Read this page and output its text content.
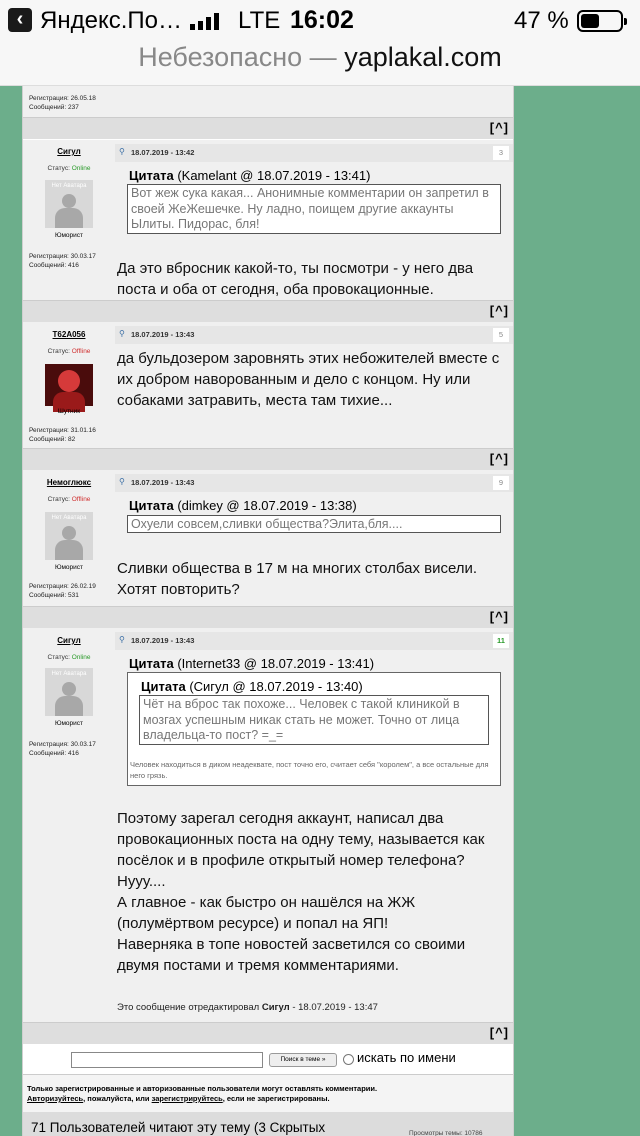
‹ Яндекс.По… LTE 16:02	47 %
Небезопасно — yaplakal.com
Регистрация: 26.05.18
Сообщений: 237
[^]
Сигул
Статус: Online
Нет Аватара
Юморист
Регистрация: 30.03.17
Сообщений: 416
⚲ 18.07.2019 - 13:42	3
Цитата (Kamelant @ 18.07.2019 - 13:41)
Вот жеж сука какая... Анонимные комментарии он запретил в своей ЖеЖешечке. Ну ладно, поищем другие аккаунты Ылиты. Пидорас, бля!
Да это вбросник какой-то, ты посмотри - у него два поста и оба от сегодня, оба провокационные.
[^]
T62A056
Статус: Offline
Шутник
Регистрация: 31.01.16
Сообщений: 82
⚲ 18.07.2019 - 13:43	5
да бульдозером заровнять этих небожителей вместе с их добром наворованным и дело с концом. Ну или собаками затравить, места там тихие...
[^]
Немоглюкс
Статус: Offline
Нет Аватара
Юморист
Регистрация: 26.02.19
Сообщений: 531
⚲ 18.07.2019 - 13:43	9
Цитата (dimkey @ 18.07.2019 - 13:38)
Охуели совсем,сливки общества?Элита,бля....
Сливки общества в 17 м на многих столбах висели. Хотят повторить?
[^]
Сигул
Статус: Online
Нет Аватара
Юморист
Регистрация: 30.03.17
Сообщений: 416
⚲ 18.07.2019 - 13:43	11
Цитата (Internet33 @ 18.07.2019 - 13:41)
Цитата (Сигул @ 18.07.2019 - 13:40)
Чёт на вброс так похоже... Человек с такой клиникой в мозгах успешным никак стать не может. Точно от лица владельца-то пост? =_=
Человек находиться в диком неадеквате, пост точно его, считает себя "королем", а все остальные для него грязь.
Поэтому зарегал сегодня аккаунт, написал два провокационных поста на одну тему, называется как посёлок и в профиле открытый номер телефона? Нууу....
А главное - как быстро он нашёлся на ЖЖ (полумёртвом ресурсе) и попал на ЯП!
Наверняка в топе новостей засветился со своими двумя постами и тремя комментариями.
Это сообщение отредактировал Сигул - 18.07.2019 - 13:47
[^]
Поиск в теме »	искать по имени
Только зарегистрированные и авторизованные пользователи могут оставлять комментарии.
Авторизуйтесь, пожалуйста, или зарегистрируйтесь, если не зарегистрированы.
71 Пользователей читают эту тему (3 Скрытых	Просмотры темы: 10786
